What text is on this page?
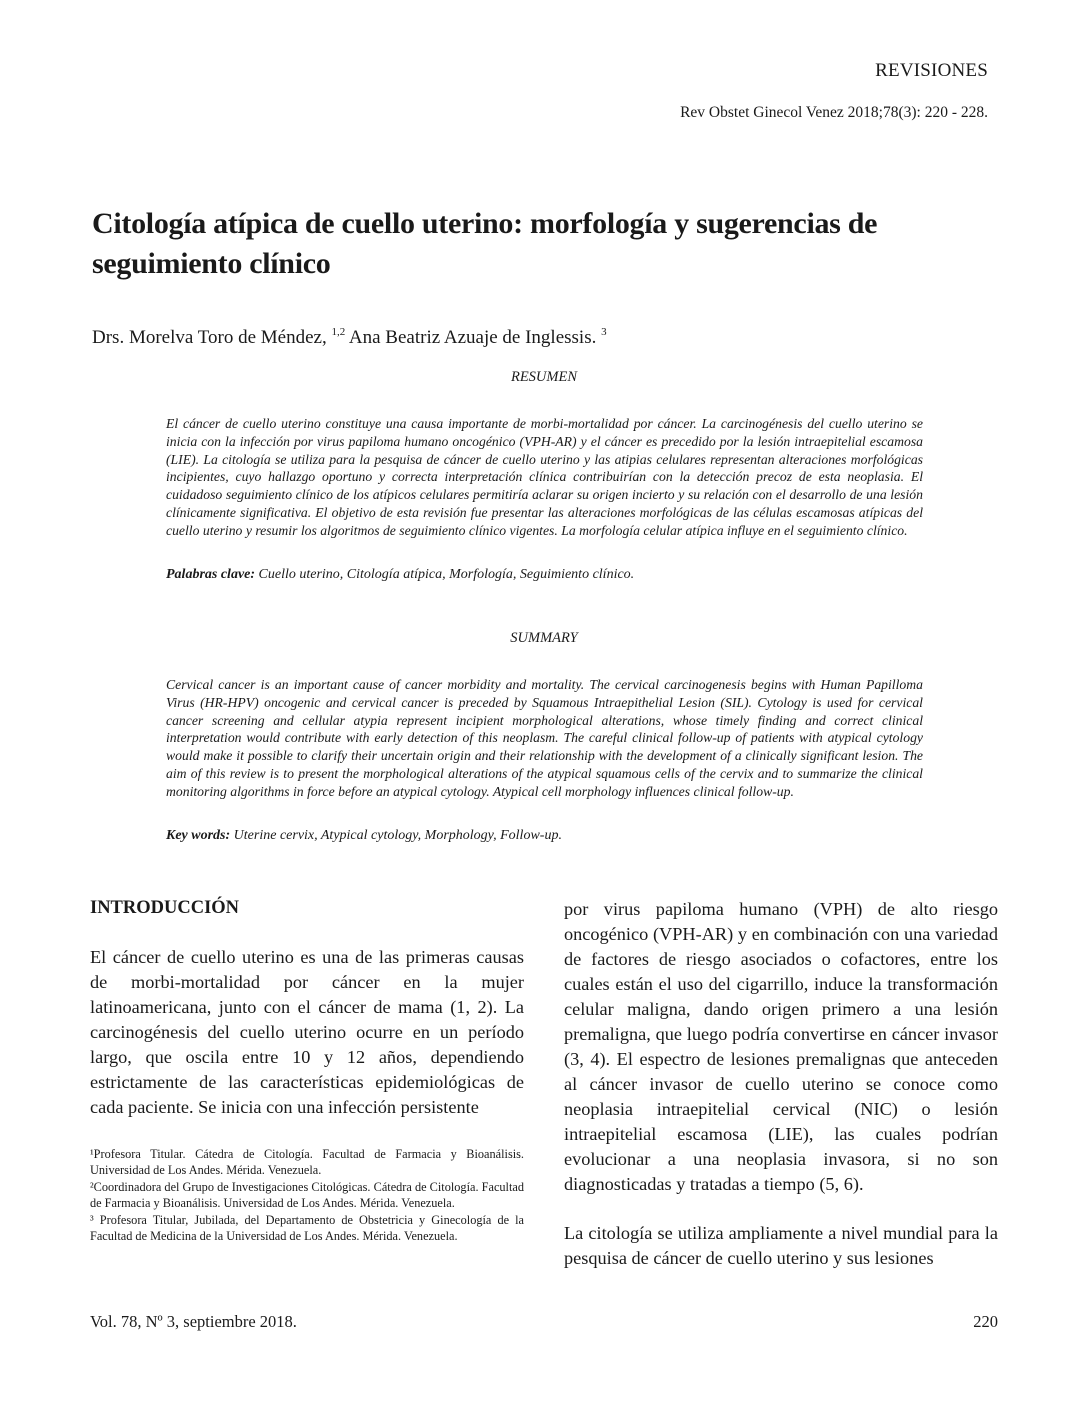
REVISIONES
Rev Obstet Ginecol Venez 2018;78(3): 220 - 228.
Citología atípica de cuello uterino: morfología y sugerencias de seguimiento clínico
Drs. Morelva Toro de Méndez, $^{1,2}$ Ana Beatriz Azuaje de Inglessis. $^3$
RESUMEN
El cáncer de cuello uterino constituye una causa importante de morbi-mortalidad por cáncer. La carcinogénesis del cuello uterino se inicia con la infección por virus papiloma humano oncogénico (VPH-AR) y el cáncer es precedido por la lesión intraepitelial escamosa (LIE). La citología se utiliza para la pesquisa de cáncer de cuello uterino y las atipias celulares representan alteraciones morfológicas incipientes, cuyo hallazgo oportuno y correcta interpretación clínica contribuirían con la detección precoz de esta neoplasia. El cuidadoso seguimiento clínico de los atípicos celulares permitiría aclarar su origen incierto y su relación con el desarrollo de una lesión clínicamente significativa. El objetivo de esta revisión fue presentar las alteraciones morfológicas de las células escamosas atípicas del cuello uterino y resumir los algoritmos de seguimiento clínico vigentes. La morfología celular atípica influye en el seguimiento clínico.
Palabras clave: Cuello uterino, Citología atípica, Morfología, Seguimiento clínico.
SUMMARY
Cervical cancer is an important cause of cancer morbidity and mortality. The cervical carcinogenesis begins with Human Papilloma Virus (HR-HPV) oncogenic and cervical cancer is preceded by Squamous Intraepithelial Lesion (SIL). Cytology is used for cervical cancer screening and cellular atypia represent incipient morphological alterations, whose timely finding and correct clinical interpretation would contribute with early detection of this neoplasm. The careful clinical follow-up of patients with atypical cytology would make it possible to clarify their uncertain origin and their relationship with the development of a clinically significant lesion. The aim of this review is to present the morphological alterations of the atypical squamous cells of the cervix and to summarize the clinical monitoring algorithms in force before an atypical cytology. Atypical cell morphology influences clinical follow-up.
Key words: Uterine cervix, Atypical cytology, Morphology, Follow-up.
INTRODUCCIÓN
El cáncer de cuello uterino es una de las primeras causas de morbi-mortalidad por cáncer en la mujer latinoamericana, junto con el cáncer de mama (1, 2). La carcinogénesis del cuello uterino ocurre en un período largo, que oscila entre 10 y 12 años, dependiendo estrictamente de las características epidemiológicas de cada paciente. Se inicia con una infección persistente
por virus papiloma humano (VPH) de alto riesgo oncogénico (VPH-AR) y en combinación con una variedad de factores de riesgo asociados o cofactores, entre los cuales están el uso del cigarrillo, induce la transformación celular maligna, dando origen primero a una lesión premaligna, que luego podría convertirse en cáncer invasor (3, 4). El espectro de lesiones premalignas que anteceden al cáncer invasor de cuello uterino se conoce como neoplasia intraepitelial cervical (NIC) o lesión intraepitelial escamosa (LIE), las cuales podrían evolucionar a una neoplasia invasora, si no son diagnosticadas y tratadas a tiempo (5, 6).
La citología se utiliza ampliamente a nivel mundial para la pesquisa de cáncer de cuello uterino y sus lesiones

¹Profesora Titular. Cátedra de Citología. Facultad de Farmacia y Bioanálisis. Universidad de Los Andes. Mérida. Venezuela.

²Coordinadora del Grupo de Investigaciones Citológicas. Cátedra de Citología. Facultad de Farmacia y Bioanálisis. Universidad de Los Andes. Mérida. Venezuela.

³ Profesora Titular, Jubilada, del Departamento de Obstetricia y Ginecología de la Facultad de Medicina de la Universidad de Los Andes. Mérida. Venezuela.

Vol. 78, Nº 3, septiembre 2018.	220
